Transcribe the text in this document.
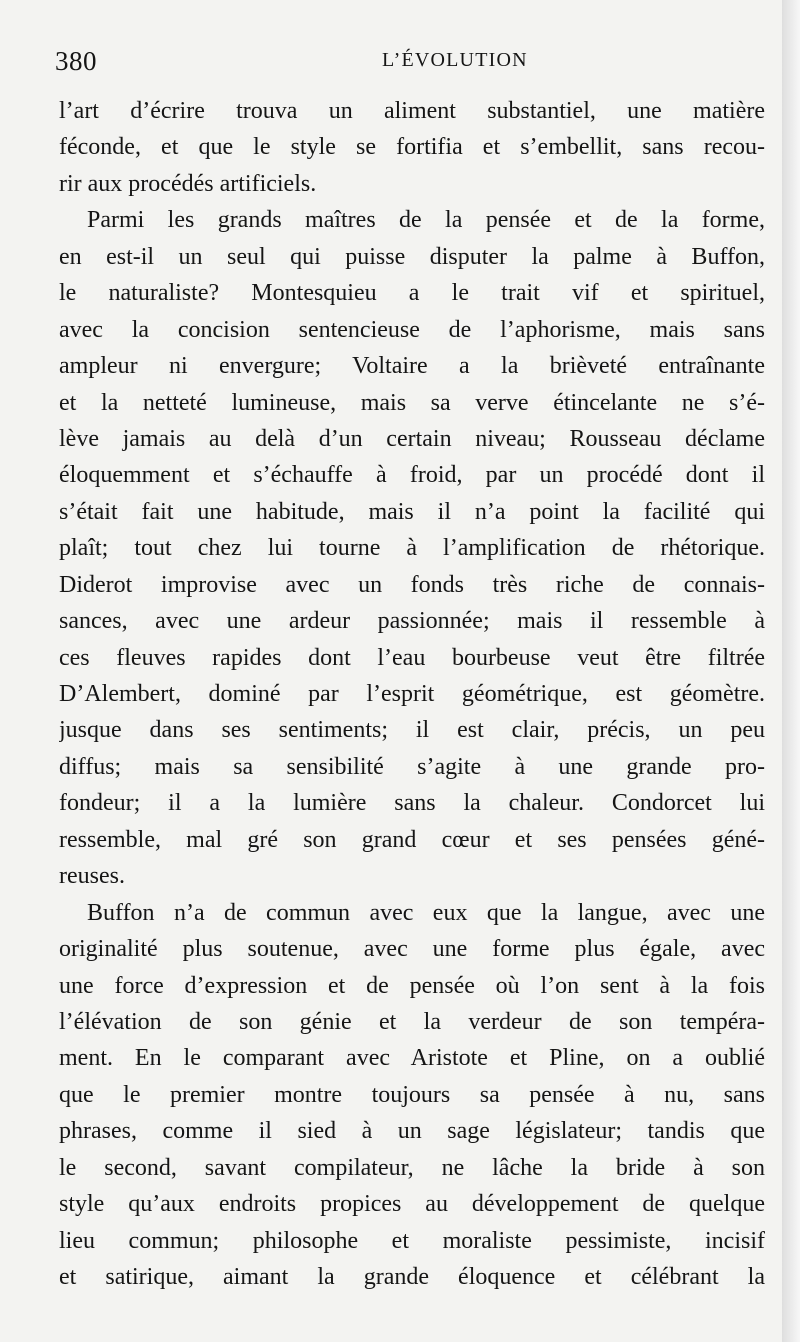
380	L’ÉVOLUTION
l’art d’écrire trouva un aliment substantiel, une matière
féconde, et que le style se fortifia et s’embellit, sans recou-
rir aux procédés artificiels.
Parmi les grands maîtres de la pensée et de la forme,
en est-il un seul qui puisse disputer la palme à Buffon,
le naturaliste? Montesquieu a le trait vif et spirituel,
avec la concision sentencieuse de l’aphorisme, mais sans
ampleur ni envergure; Voltaire a la brièveté entraînante
et la netteté lumineuse, mais sa verve étincelante ne s’é-
lève jamais au delà d’un certain niveau; Rousseau déclame
éloquemment et s’échauffe à froid, par un procédé dont il
s’était fait une habitude, mais il n’a point la facilité qui
plaît; tout chez lui tourne à l’amplification de rhétorique.
Diderot improvise avec un fonds très riche de connais-
sances, avec une ardeur passionnée; mais il ressemble à
ces fleuves rapides dont l’eau bourbeuse veut être filtrée
D’Alembert, dominé par l’esprit géométrique, est géomètre.
jusque dans ses sentiments; il est clair, précis, un peu
diffus; mais sa sensibilité s’agite à une grande pro-
fondeur; il a la lumière sans la chaleur. Condorcet lui
ressemble, mal gré son grand cœur et ses pensées géné-
reuses.
Buffon n’a de commun avec eux que la langue, avec une
originalité plus soutenue, avec une forme plus égale, avec
une force d’expression et de pensée où l’on sent à la fois
l’élévation de son génie et la verdeur de son tempéra-
ment. En le comparant avec Aristote et Pline, on a oublié
que le premier montre toujours sa pensée à nu, sans
phrases, comme il sied à un sage législateur; tandis que
le second, savant compilateur, ne lâche la bride à son
style qu’aux endroits propices au développement de quelque
lieu commun; philosophe et moraliste pessimiste, incisif
et satirique, aimant la grande éloquence et célébrant la
